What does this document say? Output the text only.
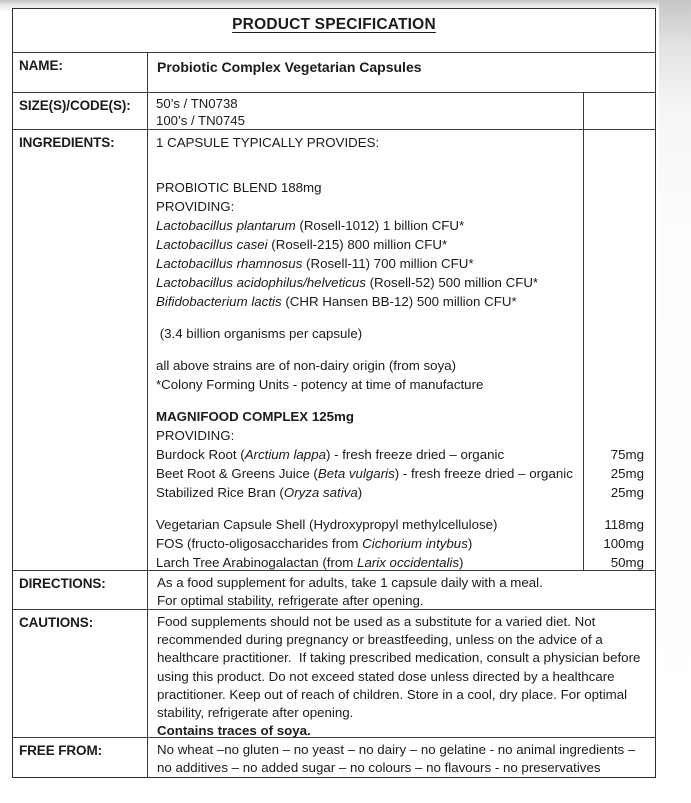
PRODUCT SPECIFICATION
NAME:	Probiotic Complex Vegetarian Capsules
SIZE(S)/CODE(S):	50’s / TN0738
100’s / TN0745
INGREDIENTS:	1 CAPSULE TYPICALLY PROVIDES:
PROBIOTIC BLEND 188mg
PROVIDING:
Lactobacillus plantarum (Rosell-1012) 1 billion CFU*
Lactobacillus casei (Rosell-215) 800 million CFU*
Lactobacillus rhamnosus (Rosell-11) 700 million CFU*
Lactobacillus acidophilus/helveticus (Rosell-52) 500 million CFU*
Bifidobacterium lactis (CHR Hansen BB-12) 500 million CFU*
(3.4 billion organisms per capsule)
all above strains are of non-dairy origin (from soya)
*Colony Forming Units - potency at time of manufacture
MAGNIFOOD COMPLEX 125mg
PROVIDING:
Burdock Root (Arctium lappa) - fresh freeze dried – organic	75mg
Beet Root & Greens Juice (Beta vulgaris) - fresh freeze dried – organic	25mg
Stabilized Rice Bran (Oryza sativa)	25mg
Vegetarian Capsule Shell (Hydroxypropyl methylcellulose)	118mg
FOS (fructo-oligosaccharides from Cichorium intybus)	100mg
Larch Tree Arabinogalactan (from Larix occidentalis)	50mg
DIRECTIONS:	As a food supplement for adults, take 1 capsule daily with a meal.
For optimal stability, refrigerate after opening.
CAUTIONS:	Food supplements should not be used as a substitute for a varied diet. Not recommended during pregnancy or breastfeeding, unless on the advice of a healthcare practitioner.  If taking prescribed medication, consult a physician before using this product. Do not exceed stated dose unless directed by a healthcare practitioner. Keep out of reach of children. Store in a cool, dry place. For optimal stability, refrigerate after opening.
Contains traces of soya.
FREE FROM:	No wheat –no gluten – no yeast – no dairy – no gelatine - no animal ingredients – no additives – no added sugar – no colours – no flavours - no preservatives
